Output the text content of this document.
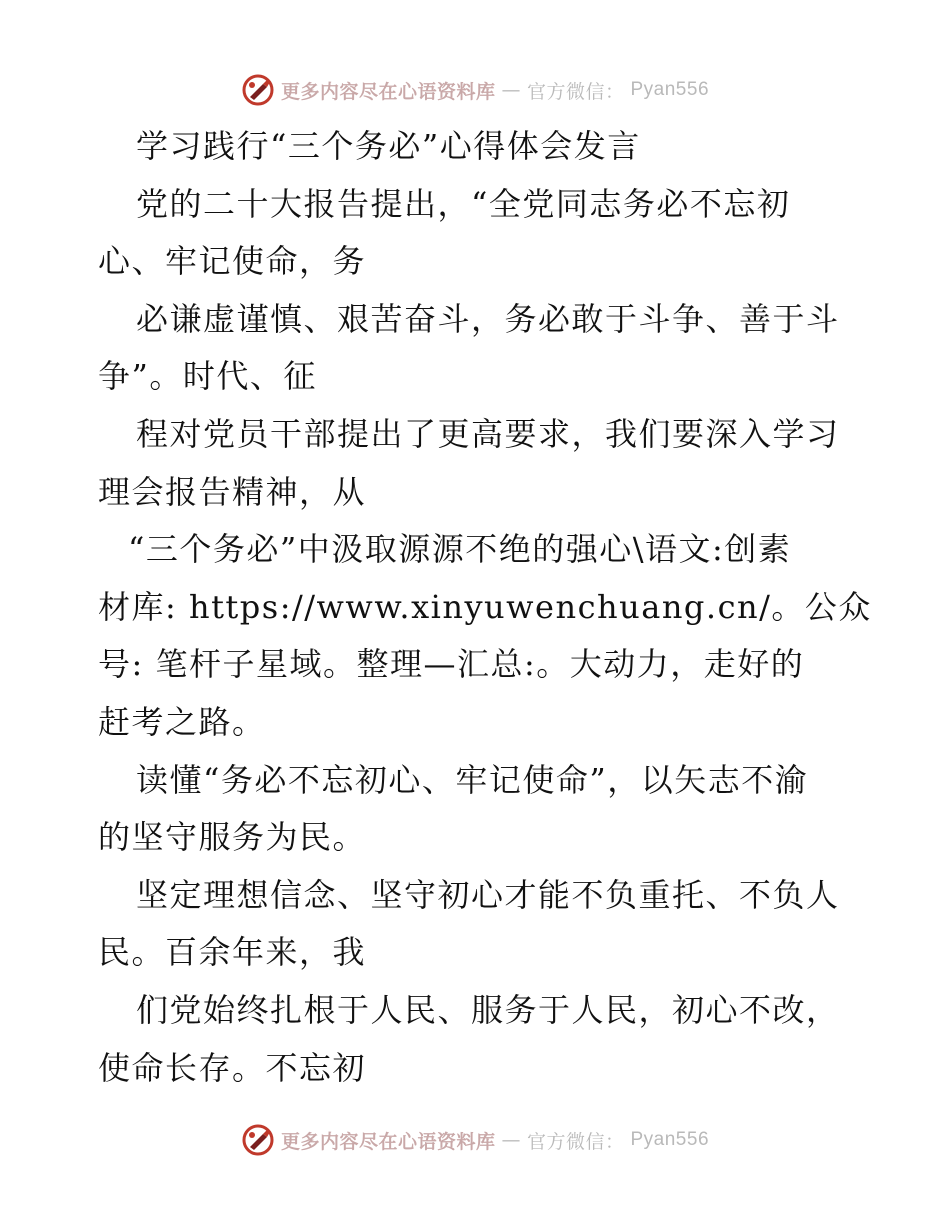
更多内容尽在心语资料库 — 官方微信： Pyan556
学习践行“三个务必”心得体会发言
党的二十大报告提出，“全党同志务必不忘初
心、牢记使命，务
必谦虚谨慎、艰苦奋斗，务必敢于斗争、善于斗
争”。时代、征
程对党员干部提出了更高要求，我们要深入学习
理会报告精神，从
“三个务必”中汲取源源不绝的强心\语文:创素
材库: https://www.xinyuwenchuang.cn/。公众
号: 笔杆子星域。整理—汇总:。大动力，走好的
赶考之路。
读懂“务必不忘初心、牢记使命”，以矢志不渝
的坚守服务为民。
坚定理想信念、坚守初心才能不负重托、不负人
民。百余年来，我
们党始终扎根于人民、服务于人民，初心不改，
使命长存。不忘初
更多内容尽在心语资料库 — 官方微信： Pyan556
